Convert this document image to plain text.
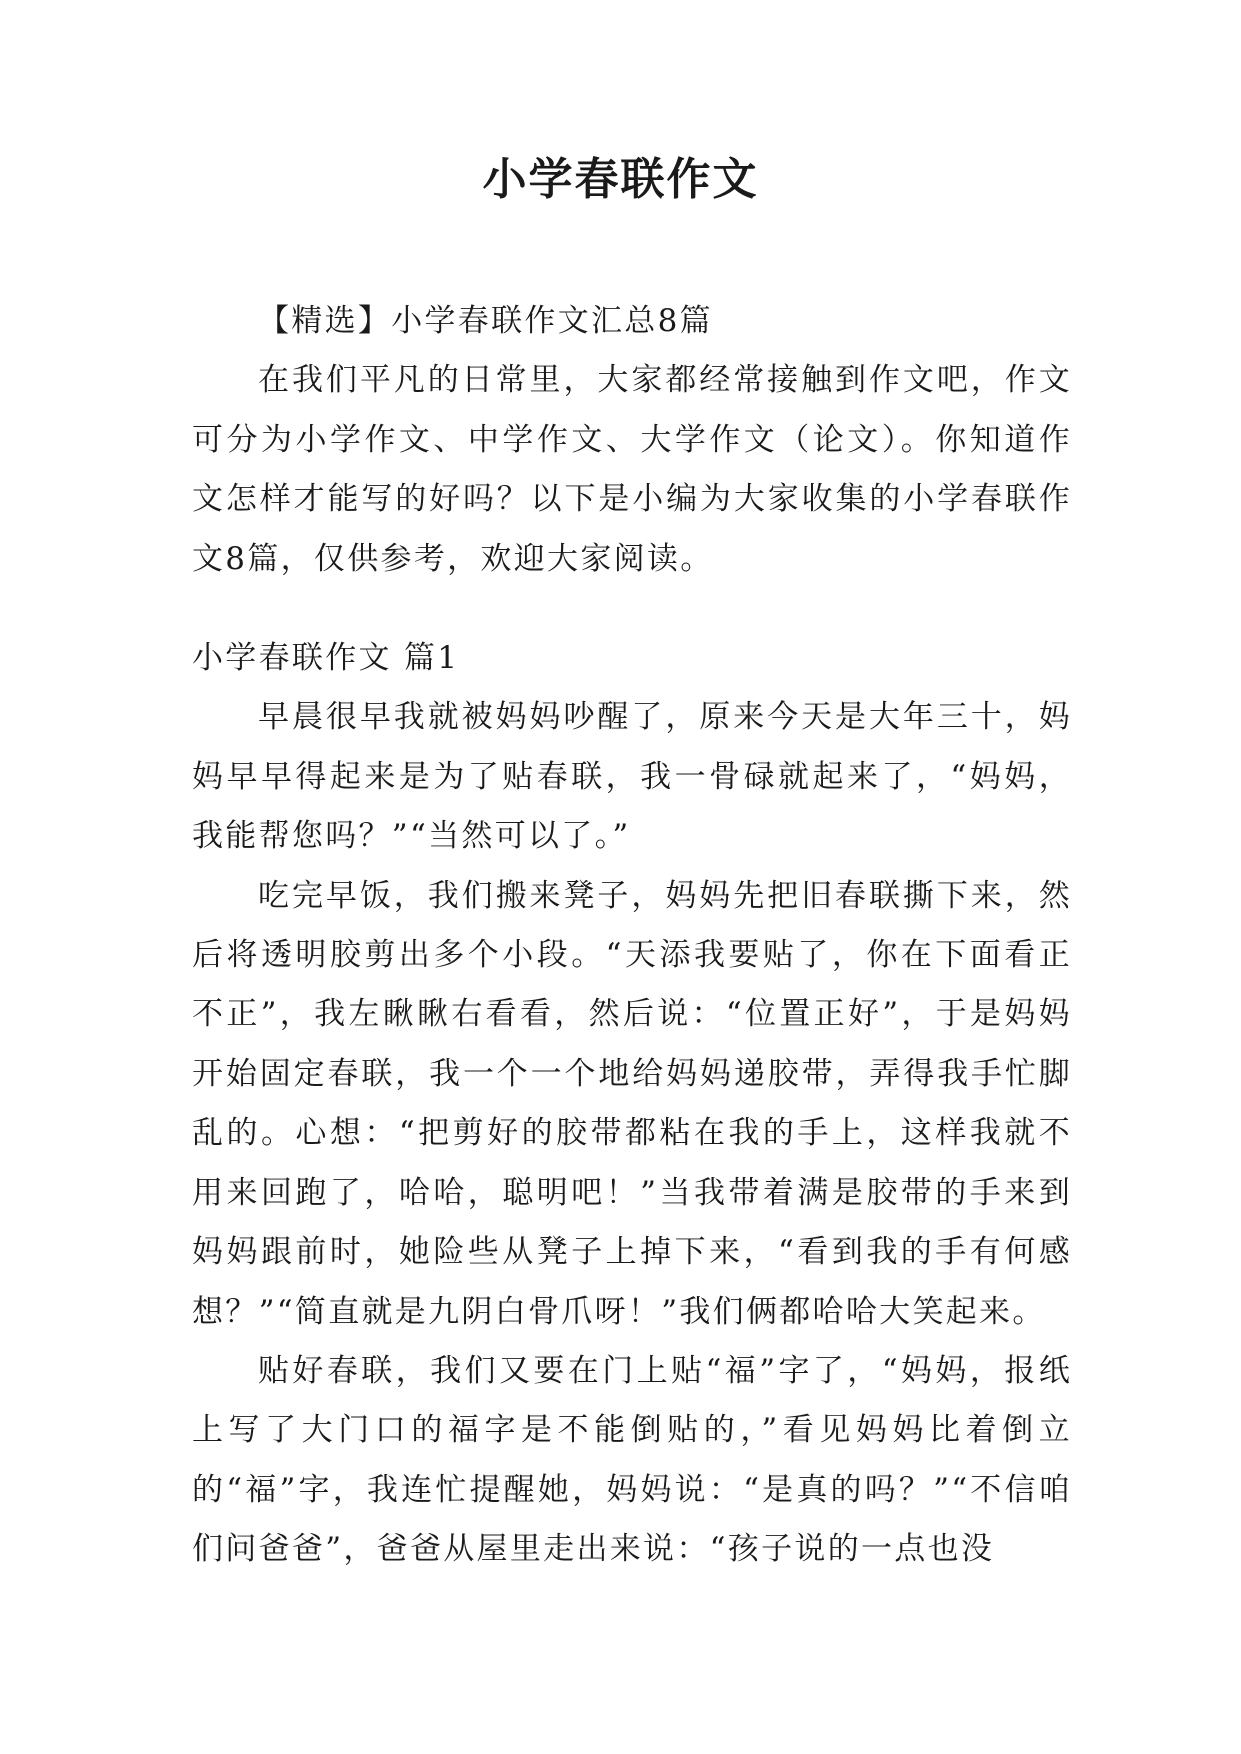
小学春联作文

【精选】小学春联作文汇总8篇

在我们平凡的日常里，大家都经常接触到作文吧，作文可分为小学作文、中学作文、大学作文（论文）。你知道作文怎样才能写的好吗？以下是小编为大家收集的小学春联作文8篇，仅供参考，欢迎大家阅读。

小学春联作文 篇1

早晨很早我就被妈妈吵醒了，原来今天是大年三十，妈妈早早得起来是为了贴春联，我一骨碌就起来了，“妈妈，我能帮您吗？”“当然可以了。”

吃完早饭，我们搬来凳子，妈妈先把旧春联撕下来，然后将透明胶剪出多个小段。“天添我要贴了，你在下面看正不正”，我左瞅瞅右看看，然后说：“位置正好”，于是妈妈开始固定春联，我一个一个地给妈妈递胶带，弄得我手忙脚乱的。心想：“把剪好的胶带都粘在我的手上，这样我就不用来回跑了，哈哈，聪明吧！”当我带着满是胶带的手来到妈妈跟前时，她险些从凳子上掉下来，“看到我的手有何感想？”“简直就是九阴白骨爪呀！”我们俩都哈哈大笑起来。

贴好春联，我们又要在门上贴“福”字了，“妈妈，报纸上写了大门口的福字是不能倒贴的，”看见妈妈比着倒立的“福”字，我连忙提醒她，妈妈说：“是真的吗？”“不信咱们问爸爸”，爸爸从屋里走出来说：“孩子说的一点也没
